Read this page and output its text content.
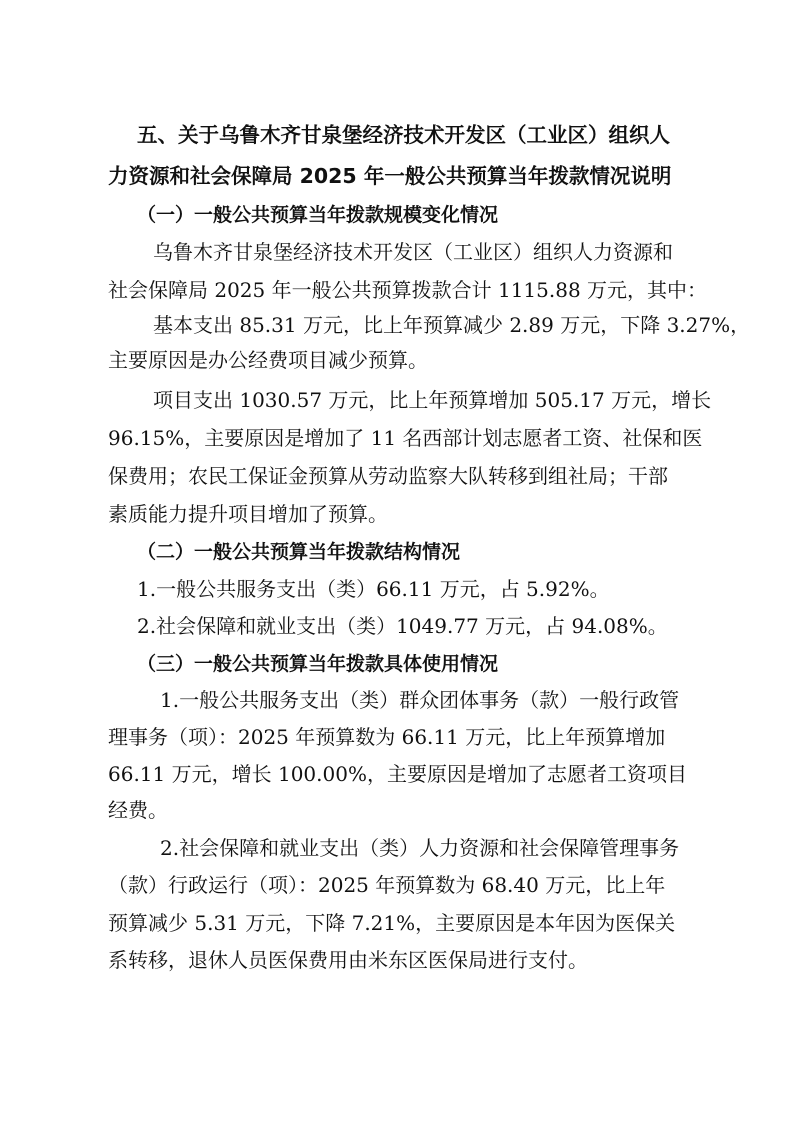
五、关于乌鲁木齐甘泉堡经济技术开发区（工业区）组织人
力资源和社会保障局 2025 年一般公共预算当年拨款情况说明
（一）一般公共预算当年拨款规模变化情况
乌鲁木齐甘泉堡经济技术开发区（工业区）组织人力资源和
社会保障局 2025 年一般公共预算拨款合计 1115.88 万元，其中：
基本支出 85.31 万元，比上年预算减少 2.89 万元，下降 3.27%，
主要原因是办公经费项目减少预算。
项目支出 1030.57 万元，比上年预算增加 505.17 万元，增长
96.15%，主要原因是增加了 11 名西部计划志愿者工资、社保和医
保费用；农民工保证金预算从劳动监察大队转移到组社局；干部
素质能力提升项目增加了预算。
（二）一般公共预算当年拨款结构情况
1.一般公共服务支出（类）66.11 万元，占 5.92%。
2.社会保障和就业支出（类）1049.77 万元，占 94.08%。
（三）一般公共预算当年拨款具体使用情况
1.一般公共服务支出（类）群众团体事务（款）一般行政管
理事务（项）：2025 年预算数为 66.11 万元，比上年预算增加
66.11 万元，增长 100.00%，主要原因是增加了志愿者工资项目
经费。
2.社会保障和就业支出（类）人力资源和社会保障管理事务
（款）行政运行（项）：2025 年预算数为 68.40 万元，比上年
预算减少 5.31 万元，下降 7.21%，主要原因是本年因为医保关
系转移，退休人员医保费用由米东区医保局进行支付。
